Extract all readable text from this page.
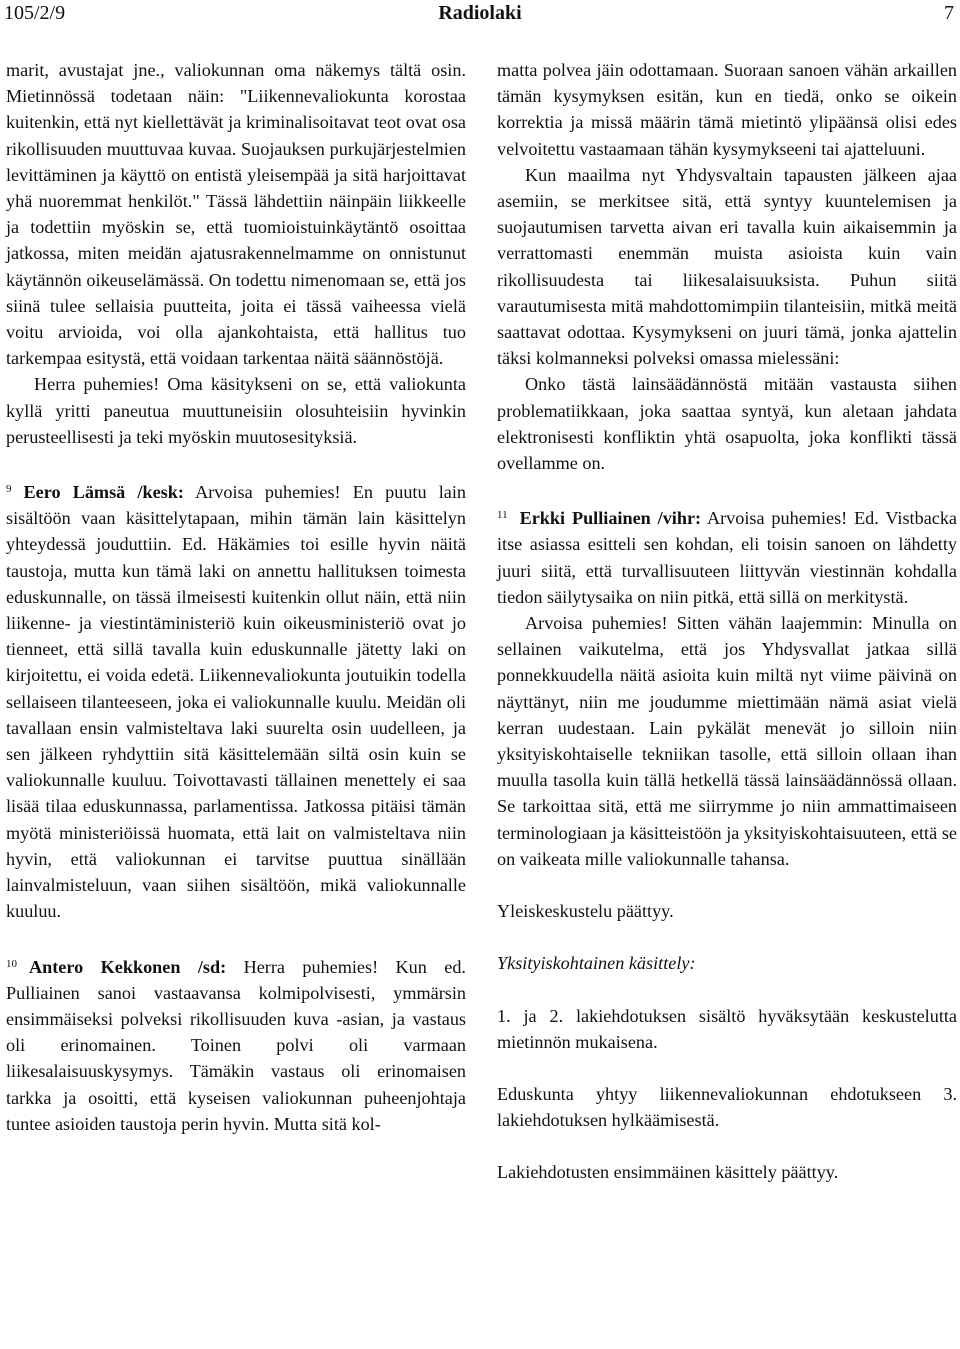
105/2/9	Radiolaki	7

marit, avustajat jne., valiokunnan oma näkemys tältä osin. Mietinnössä todetaan näin: "Liikennevaliokunta korostaa kuitenkin, että nyt kiellettävät ja kriminalisoitavat teot ovat osa rikollisuuden muuttuvaa kuvaa. Suojauksen purkujärjestelmien levittäminen ja käyttö on entistä yleisempää ja sitä harjoittavat yhä nuoremmat henkilöt." Tässä lähdettiin näinpäin liikkeelle ja todettiin myöskin se, että tuomioistuinkäytäntö osoittaa jatkossa, miten meidän ajatusrakennelmamme on onnistunut käytännön oikeuselämässä. On todettu nimenomaan se, että jos siinä tulee sellaisia puutteita, joita ei tässä vaiheessa vielä voitu arvioida, voi olla ajankohtaista, että hallitus tuo tarkempaa esitystä, että voidaan tarkentaa näitä säännöstöjä.

Herra puhemies! Oma käsitykseni on se, että valiokunta kyllä yritti paneutua muuttuneisiin olosuhteisiin hyvinkin perusteellisesti ja teki myöskin muutosesityksiä.

$^9$ Eero Lämsä /kesk: Arvoisa puhemies! En puutu lain sisältöön vaan käsittelytapaan, mihin tämän lain käsittelyn yhteydessä jouduttiin. Ed. Häkämies toi esille hyvin näitä taustoja, mutta kun tämä laki on annettu hallituksen toimesta eduskunnalle, on tässä ilmeisesti kuitenkin ollut näin, että niin liikenne- ja viestintäministeriö kuin oikeusministeriö ovat jo tienneet, että sillä tavalla kuin eduskunnalle jätetty laki on kirjoitettu, ei voida edetä. Liikennevaliokunta joutuikin todella sellaiseen tilanteeseen, joka ei valiokunnalle kuulu. Meidän oli tavallaan ensin valmisteltava laki suurelta osin uudelleen, ja sen jälkeen ryhdyttiin sitä käsittelemään siltä osin kuin se valiokunnalle kuuluu. Toivottavasti tällainen menettely ei saa lisää tilaa eduskunnassa, parlamentissa. Jatkossa pitäisi tämän myötä ministeriöissä huomata, että lait on valmisteltava niin hyvin, että valiokunnan ei tarvitse puuttua sinällään lainvalmisteluun, vaan siihen sisältöön, mikä valiokunnalle kuuluu.

$^{10}$ Antero Kekkonen /sd: Herra puhemies! Kun ed. Pulliainen sanoi vastaavansa kolmipolvisesti, ymmärsin ensimmäiseksi polveksi rikollisuuden kuva -asian, ja vastaus oli erinomainen. Toinen polvi oli varmaan liikesalaisuuskysymys. Tämäkin vastaus oli erinomaisen tarkka ja osoitti, että kyseisen valiokunnan puheenjohtaja tuntee asioiden taustoja perin hyvin. Mutta sitä kol-

matta polvea jäin odottamaan. Suoraan sanoen vähän arkaillen tämän kysymyksen esitän, kun en tiedä, onko se oikein korrektia ja missä määrin tämä mietintö ylipäänsä olisi edes velvoitettu vastaamaan tähän kysymykseeni tai ajatteluuni.

Kun maailma nyt Yhdysvaltain tapausten jälkeen ajaa asemiin, se merkitsee sitä, että syntyy kuuntelemisen ja suojautumisen tarvetta aivan eri tavalla kuin aikaisemmin ja verrattomasti enemmän muista asioista kuin vain rikollisuudesta tai liikesalaisuuksista. Puhun siitä varautumisesta mitä mahdottomimpiin tilanteisiin, mitkä meitä saattavat odottaa. Kysymykseni on juuri tämä, jonka ajattelin täksi kolmanneksi polveksi omassa mielessäni:

Onko tästä lainsäädännöstä mitään vastausta siihen problematiikkaan, joka saattaa syntyä, kun aletaan jahdata elektronisesti konfliktin yhtä osapuolta, joka konflikti tässä ovellamme on.

$^{11}$ Erkki Pulliainen /vihr: Arvoisa puhemies! Ed. Vistbacka itse asiassa esitteli sen kohdan, eli toisin sanoen on lähdetty juuri siitä, että turvallisuuteen liittyvän viestinnän kohdalla tiedon säilytysaika on niin pitkä, että sillä on merkitystä.

Arvoisa puhemies! Sitten vähän laajemmin: Minulla on sellainen vaikutelma, että jos Yhdysvallat jatkaa sillä ponnekkuudella näitä asioita kuin miltä nyt viime päivinä on näyttänyt, niin me joudumme miettimään nämä asiat vielä kerran uudestaan. Lain pykälät menevät jo silloin niin yksityiskohtaiselle tekniikan tasolle, että silloin ollaan ihan muulla tasolla kuin tällä hetkellä tässä lainsäädännössä ollaan. Se tarkoittaa sitä, että me siirrymme jo niin ammattimaiseen terminologiaan ja käsitteistöön ja yksityiskohtaisuuteen, että se on vaikeata mille valiokunnalle tahansa.

Yleiskeskustelu päättyy.

Yksityiskohtainen käsittely:

1. ja 2. lakiehdotuksen sisältö hyväksytään keskustelutta mietinnön mukaisena.

Eduskunta yhtyy liikennevaliokunnan ehdotukseen 3. lakiehdotuksen hylkäämisestä.

Lakiehdotusten ensimmäinen käsittely päättyy.
